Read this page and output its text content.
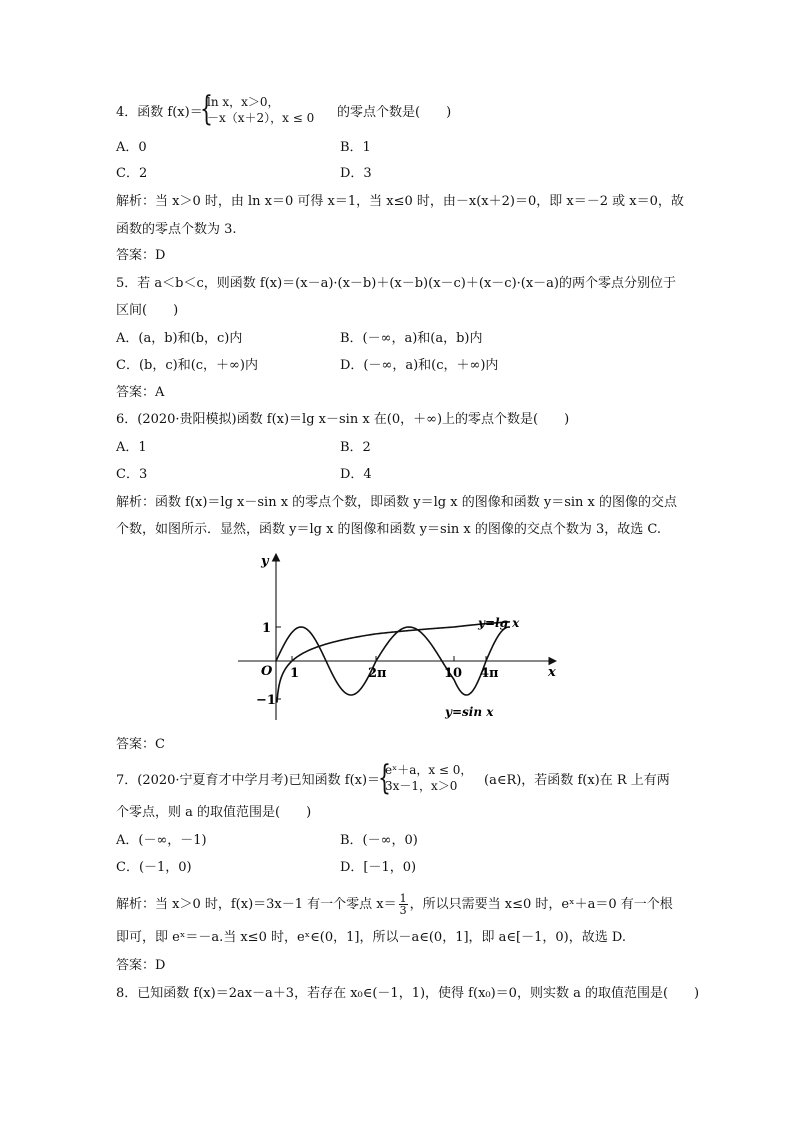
4．函数 f(x)＝
{
ln x，x＞0，
－x（x＋2），x ≤ 0 的零点个数是(　　)
A．0	B．1
C．2	D．3
解析：当 x＞0 时，由 ln x＝0 可得 x＝1，当 x≤0 时，由－x(x＋2)＝0，即 x＝－2 或 x＝0，故
函数的零点个数为 3.
答案：D
5．若 a＜b＜c，则函数 f(x)＝(x－a)·(x－b)＋(x－b)(x－c)＋(x－c)·(x－a)的两个零点分别位于
区间(　　)
A．(a，b)和(b，c)内	B．(－∞，a)和(a，b)内
C．(b，c)和(c，＋∞)内	D．(－∞，a)和(c，＋∞)内
答案：A
6．(2020·贵阳模拟)函数 f(x)＝lg x－sin x 在(0，＋∞)上的零点个数是(　　)
A．1	B．2
C．3	D．4
解析：函数 f(x)＝lg x－sin x 的零点个数，即函数 y＝lg x 的图像和函数 y＝sin x 的图像的交点
个数，如图所示．显然，函数 y＝lg x 的图像和函数 y＝sin x 的图像的交点个数为 3，故选 C.
y
x
O
1
−1
1	2π	10 4π
y=lg x
y=sin x
答案：C
7．(2020·宁夏育才中学月考)已知函数 f(x)＝
{
eˣ＋a，x ≤ 0，
3x－1，x＞0 (a∈R)，若函数 f(x)在 R 上有两
个零点，则 a 的取值范围是(　　)
A．(－∞，－1)	B．(－∞，0)
C．(－1，0)	D．[－1，0)
解析：当 x＞0 时，f(x)＝3x－1 有一个零点 $x= \frac{1}{3}$ ，所以只需要当 x≤0 时，eˣ＋a＝0 有一个根
即可，即 eˣ＝－a.当 x≤0 时，eˣ∈(0，1]，所以－a∈(0，1]，即 a∈[－1，0)，故选 D.
答案：D
8．已知函数 f(x)＝2ax－a＋3，若存在 x₀∈(－1，1)，使得 f(x₀)＝0，则实数 a 的取值范围是(　　)
